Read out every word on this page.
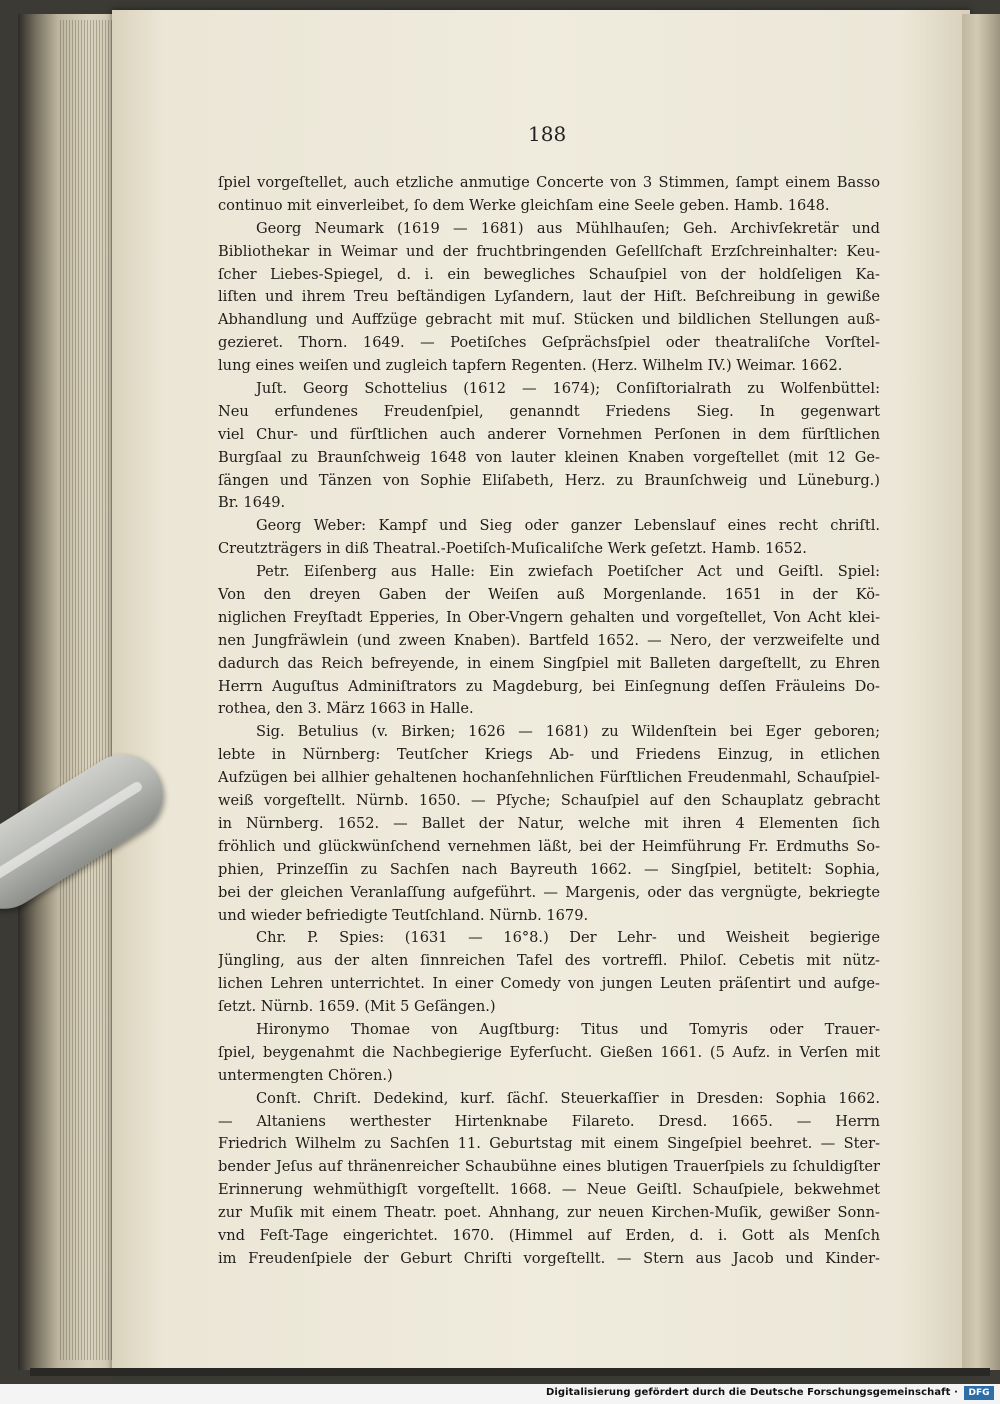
188
ſpiel vorgeſtellet, auch etzliche anmutige Concerte von 3 Stimmen, ſampt einem Basso
continuo mit einverleibet, ſo dem Werke gleichſam eine Seele geben. Hamb. 1648.
Georg Neumark (1619 — 1681) aus Mühlhauſen; Geh. Archivſekretär und
Bibliothekar in Weimar und der fruchtbringenden Geſellſchaft Erzſchreinhalter: Keu-
ſcher Liebes-Spiegel, d. i. ein bewegliches Schauſpiel von der holdſeligen Ka-
liſten und ihrem Treu beſtändigen Lyſandern, laut der Hiſt. Beſchreibung in gewiße
Abhandlung und Auffzüge gebracht mit muſ. Stücken und bildlichen Stellungen auß-
gezieret. Thorn. 1649. — Poetiſches Geſprächsſpiel oder theatraliſche Vorſtel-
lung eines weiſen und zugleich tapfern Regenten. (Herz. Wilhelm IV.) Weimar. 1662.
Juſt. Georg Schottelius (1612 — 1674); Conſiſtorialrath zu Wolfenbüttel:
Neu erfundenes Freudenſpiel, genanndt Friedens Sieg. In gegenwart
viel Chur- und fürſtlichen auch anderer Vornehmen Perſonen in dem fürſtlichen
Burgſaal zu Braunſchweig 1648 von lauter kleinen Knaben vorgeſtellet (mit 12 Ge-
ſängen und Tänzen von Sophie Eliſabeth, Herz. zu Braunſchweig und Lüneburg.)
Br. 1649.
Georg Weber: Kampf und Sieg oder ganzer Lebenslauf eines recht chriſtl.
Creutzträgers in diß Theatral.-Poetiſch-Muſicaliſche Werk geſetzt. Hamb. 1652.
Petr. Eiſenberg aus Halle: Ein zwiefach Poetiſcher Act und Geiſtl. Spiel:
Von den dreyen Gaben der Weiſen auß Morgenlande. 1651 in der Kö-
niglichen Freyſtadt Epperies, In Ober-Vngern gehalten und vorgeſtellet, Von Acht klei-
nen Jungfräwlein (und zween Knaben). Bartfeld 1652. — Nero, der verzweifelte und
dadurch das Reich befreyende, in einem Singſpiel mit Balleten dargeſtellt, zu Ehren
Herrn Auguſtus Adminiſtrators zu Magdeburg, bei Einſegnung deſſen Fräuleins Do-
rothea, den 3. März 1663 in Halle.
Sig. Betulius (v. Birken; 1626 — 1681) zu Wildenſtein bei Eger geboren;
lebte in Nürnberg: Teutſcher Kriegs Ab- und Friedens Einzug, in etlichen
Aufzügen bei allhier gehaltenen hochanſehnlichen Fürſtlichen Freudenmahl, Schauſpiel-
weiß vorgeſtellt. Nürnb. 1650. — Pſyche; Schauſpiel auf den Schauplatz gebracht
in Nürnberg. 1652. — Ballet der Natur, welche mit ihren 4 Elementen ſich
fröhlich und glückwünſchend vernehmen läßt, bei der Heimführung Fr. Erdmuths So-
phien, Prinzeſſin zu Sachſen nach Bayreuth 1662. — Singſpiel, betitelt: Sophia,
bei der gleichen Veranlaſſung aufgeführt. — Margenis, oder das vergnügte, bekriegte
und wieder befriedigte Teutſchland. Nürnb. 1679.
Chr. P. Spies: (1631 — 16°8.) Der Lehr- und Weisheit begierige
Jüngling, aus der alten ſinnreichen Tafel des vortreffl. Philoſ. Cebetis mit nütz-
lichen Lehren unterrichtet. In einer Comedy von jungen Leuten präſentirt und aufge-
ſetzt. Nürnb. 1659. (Mit 5 Geſängen.)
Hironymo Thomae von Augſtburg: Titus und Tomyris oder Trauer-
ſpiel, beygenahmt die Nachbegierige Eyferſucht. Gießen 1661. (5 Aufz. in Verſen mit
untermengten Chören.)
Conſt. Chriſt. Dedekind, kurf. ſächſ. Steuerkaſſier in Dresden: Sophia 1662.
— Altaniens werthester Hirtenknabe Filareto. Dresd. 1665. — Herrn
Friedrich Wilhelm zu Sachſen 11. Geburtstag mit einem Singeſpiel beehret. — Ster-
bender Jeſus auf thränenreicher Schaubühne eines blutigen Trauerſpiels zu ſchuldigſter
Erinnerung wehmüthigſt vorgeſtellt. 1668. — Neue Geiſtl. Schauſpiele, bekwehmet
zur Muſik mit einem Theatr. poet. Ahnhang, zur neuen Kirchen-Muſik, gewißer Sonn-
vnd Feſt-Tage eingerichtet. 1670. (Himmel auf Erden, d. i. Gott als Menſch
im Freudenſpiele der Geburt Chriſti vorgeſtellt. — Stern aus Jacob und Kinder-
Digitalisierung gefördert durch die Deutsche Forschungsgemeinschaft ·	DFG
